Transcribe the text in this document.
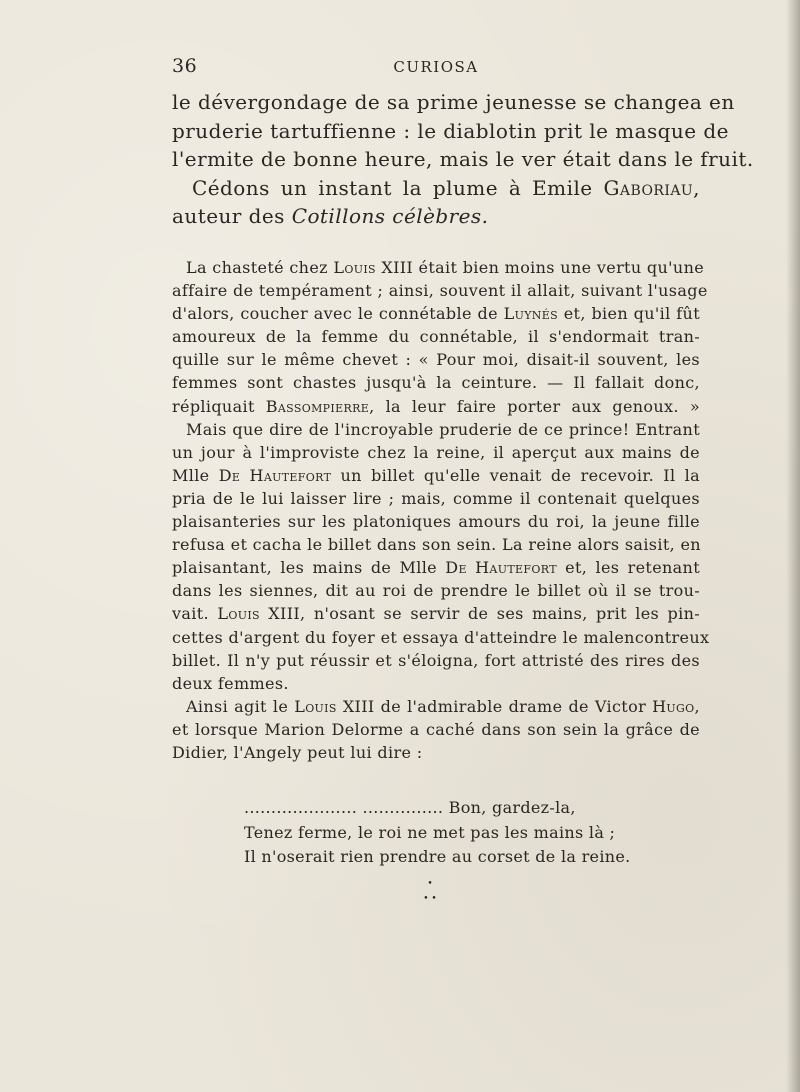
36	CURIOSA
le dévergondage de sa prime jeunesse se changea en
pruderie tartuffienne : le diablotin prit le masque de
l'ermite de bonne heure, mais le ver était dans le fruit.
Cédons un instant la plume à Emile Gaboriau,
auteur des Cotillons célèbres.
La chasteté chez Louis XIII était bien moins une vertu qu'une
affaire de tempérament ; ainsi, souvent il allait, suivant l'usage
d'alors, coucher avec le connétable de Luynés et, bien qu'il fût
amoureux de la femme du connétable, il s'endormait tran-
quille sur le même chevet : « Pour moi, disait-il souvent, les
femmes sont chastes jusqu'à la ceinture. — Il fallait donc,
répliquait Bassompierre, la leur faire porter aux genoux. »
Mais que dire de l'incroyable pruderie de ce prince! Entrant
un jour à l'improviste chez la reine, il aperçut aux mains de
Mlle De Hautefort un billet qu'elle venait de recevoir. Il la
pria de le lui laisser lire ; mais, comme il contenait quelques
plaisanteries sur les platoniques amours du roi, la jeune fille
refusa et cacha le billet dans son sein. La reine alors saisit, en
plaisantant, les mains de Mlle De Hautefort et, les retenant
dans les siennes, dit au roi de prendre le billet où il se trou-
vait. Louis XIII, n'osant se servir de ses mains, prit les pin-
cettes d'argent du foyer et essaya d'atteindre le malencontreux
billet. Il n'y put réussir et s'éloigna, fort attristé des rires des
deux femmes.
Ainsi agit le Louis XIII de l'admirable drame de Victor Hugo,
et lorsque Marion Delorme a caché dans son sein la grâce de
Didier, l'Angely peut lui dire :
..................... ............... Bon, gardez-la,
Tenez ferme, le roi ne met pas les mains là ;
Il n'oserait rien prendre au corset de la reine.
•
• •
